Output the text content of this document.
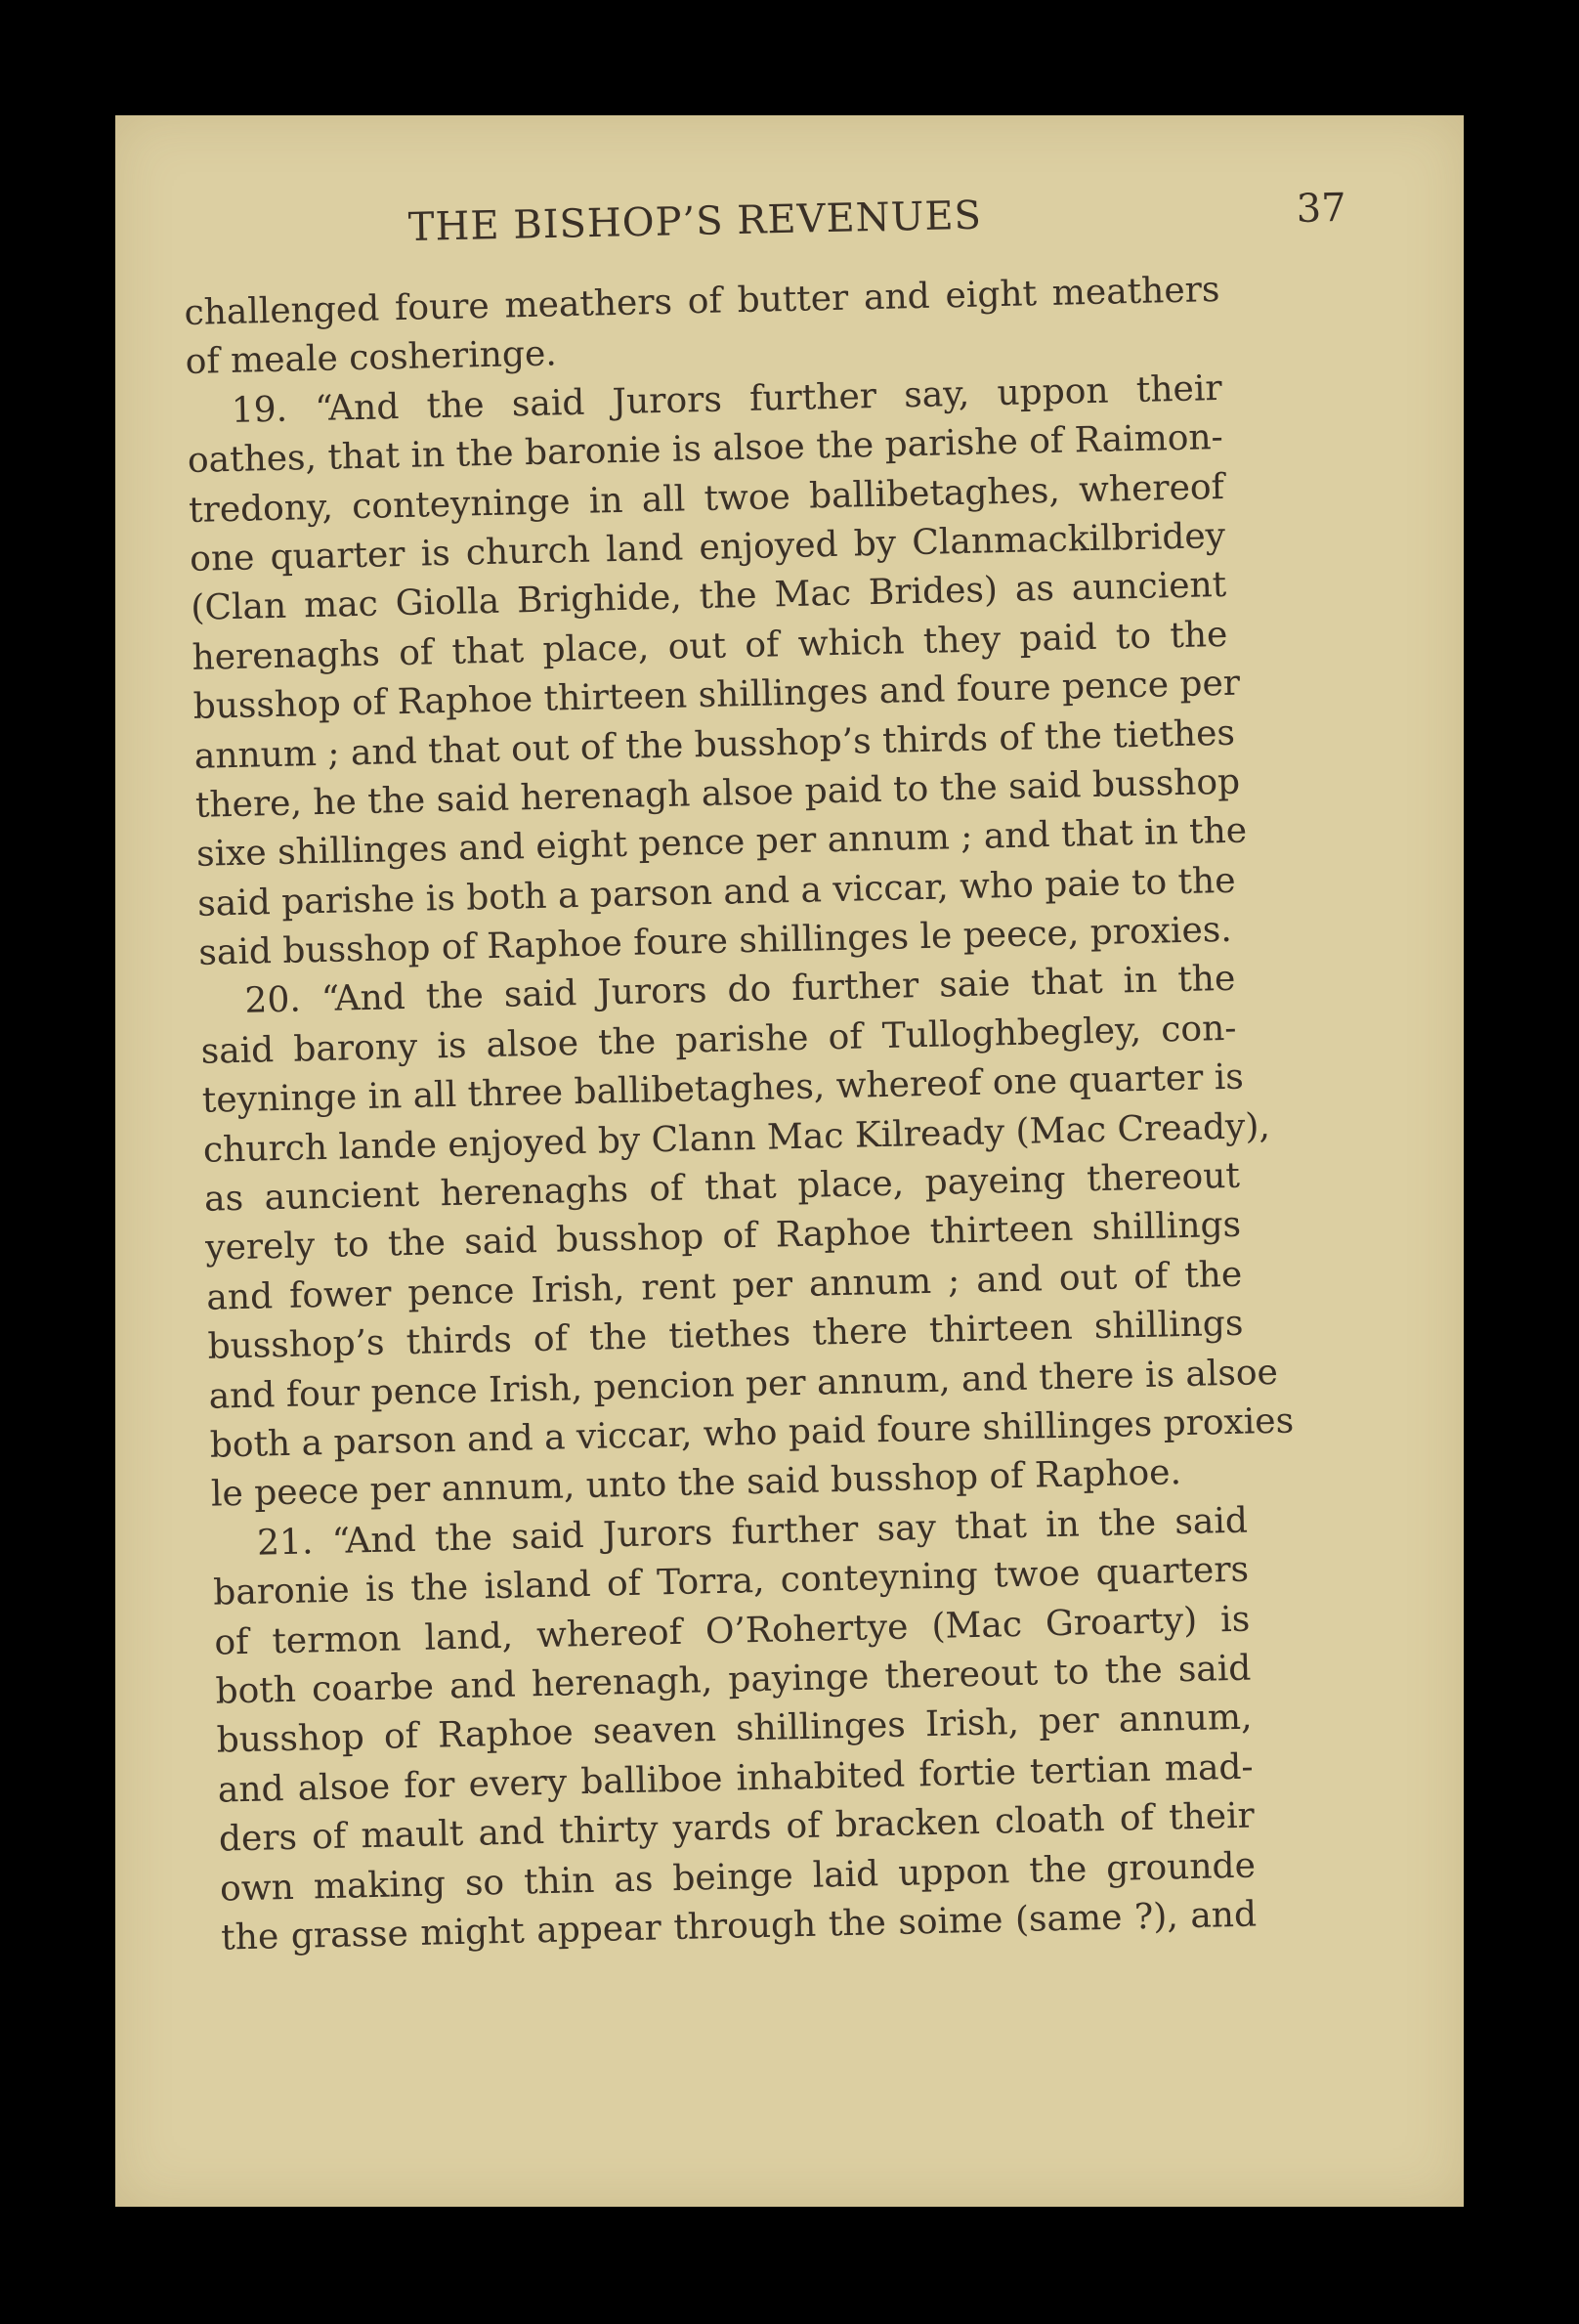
THE BISHOP’S REVENUES	37
challenged foure meathers of butter and eight meathers
of meale cosheringe.
19. “And the said Jurors further say, uppon their
oathes, that in the baronie is alsoe the parishe of Raimon-
tredony, conteyninge in all twoe ballibetaghes, whereof
one quarter is church land enjoyed by Clanmackilbridey
(Clan mac Giolla Brighide, the Mac Brides) as auncient
herenaghs of that place, out of which they paid to the
busshop of Raphoe thirteen shillinges and foure pence per
annum ; and that out of the busshop’s thirds of the tiethes
there, he the said herenagh alsoe paid to the said busshop
sixe shillinges and eight pence per annum ; and that in the
said parishe is both a parson and a viccar, who paie to the
said busshop of Raphoe foure shillinges le peece, proxies.
20. “And the said Jurors do further saie that in the
said barony is alsoe the parishe of Tulloghbegley, con-
teyninge in all three ballibetaghes, whereof one quarter is
church lande enjoyed by Clann Mac Kilready (Mac Cready),
as auncient herenaghs of that place, payeing thereout
yerely to the said busshop of Raphoe thirteen shillings
and fower pence Irish, rent per annum ; and out of the
busshop’s thirds of the tiethes there thirteen shillings
and four pence Irish, pencion per annum, and there is alsoe
both a parson and a viccar, who paid foure shillinges proxies
le peece per annum, unto the said busshop of Raphoe.
21. “And the said Jurors further say that in the said
baronie is the island of Torra, conteyning twoe quarters
of termon land, whereof O’Rohertye (Mac Groarty) is
both coarbe and herenagh, payinge thereout to the said
busshop of Raphoe seaven shillinges Irish, per annum,
and alsoe for every balliboe inhabited fortie tertian mad-
ders of mault and thirty yards of bracken cloath of their
own making so thin as beinge laid uppon the grounde
the grasse might appear through the soime (same ?), and
